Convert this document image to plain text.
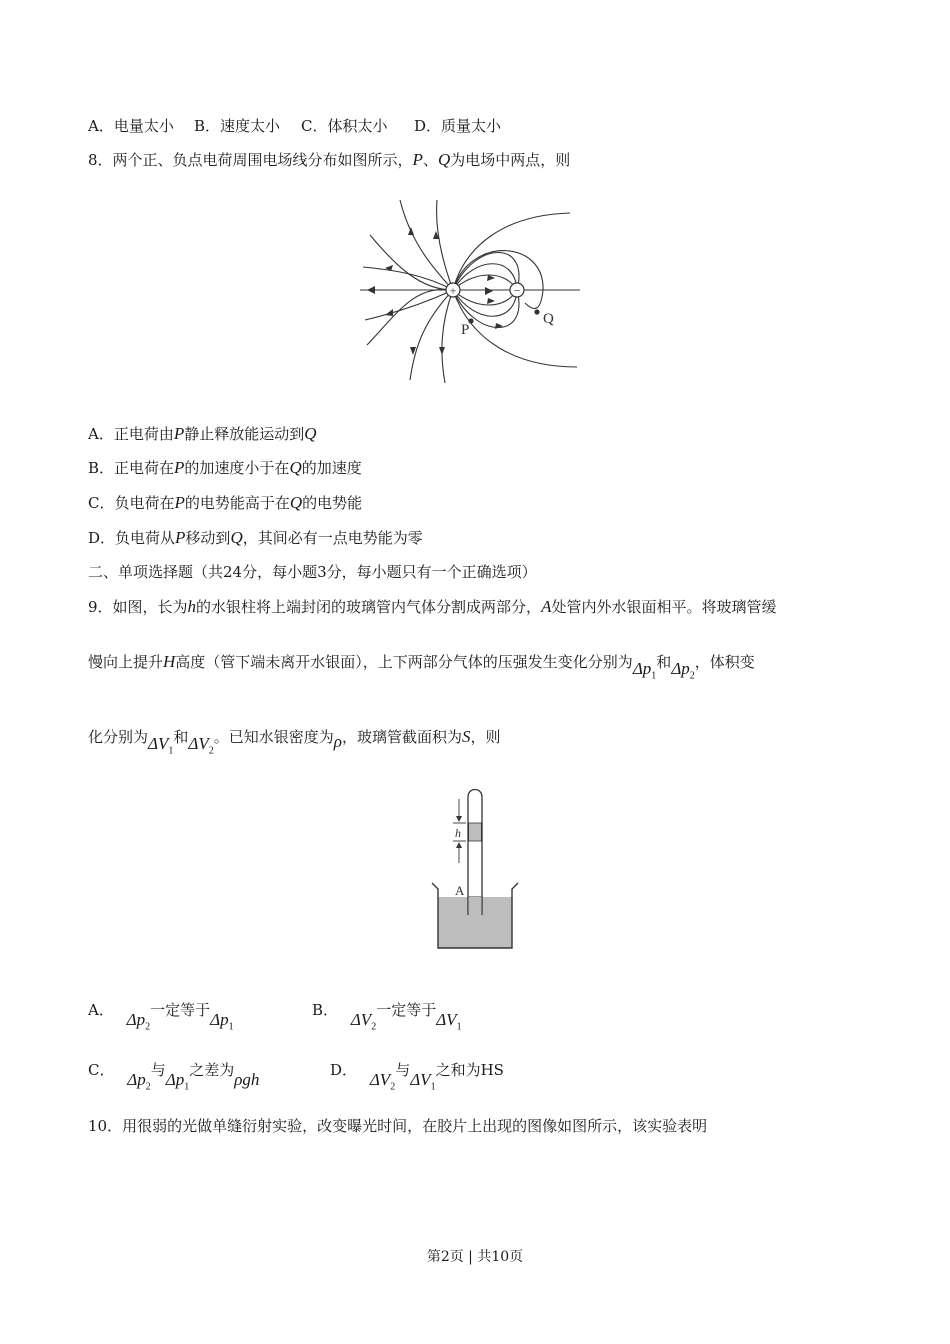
A．电量太小 B．速度太小 C．体积太小 D．质量太小
8．两个正、负点电荷周围电场线分布如图所示，P、Q为电场中两点，则
+	−
P
Q
A．正电荷由P静止释放能运动到Q
B．正电荷在P的加速度小于在Q的加速度
C．负电荷在P的电势能高于在Q的电势能
D．负电荷从P移动到Q，其间必有一点电势能为零
二、单项选择题（共24分，每小题3分，每小题只有一个正确选项）
9．如图，长为h的水银柱将上端封闭的玻璃管内气体分割成两部分，A处管内外水银面相平。将玻璃管缓
慢向上提升H高度（管下端未离开水银面），上下两部分气体的压强发生变化分别为$\Delta p_1$和$\Delta p_2$，体积变
化分别为$\Delta V_1$和$\Delta V_2$。已知水银密度为ρ，玻璃管截面积为S，则
h
A
A． $\Delta p_2$一定等于$\Delta p_1$
B． $\Delta V_2$一定等于$\Delta V_1$
C． $\Delta p_2$与$\Delta p_1$之差为ρgh	D． $\Delta V_2$与$\Delta V_1$之和为HS
10．用很弱的光做单缝衍射实验，改变曝光时间，在胶片上出现的图像如图所示，该实验表明
第2页 | 共10页
